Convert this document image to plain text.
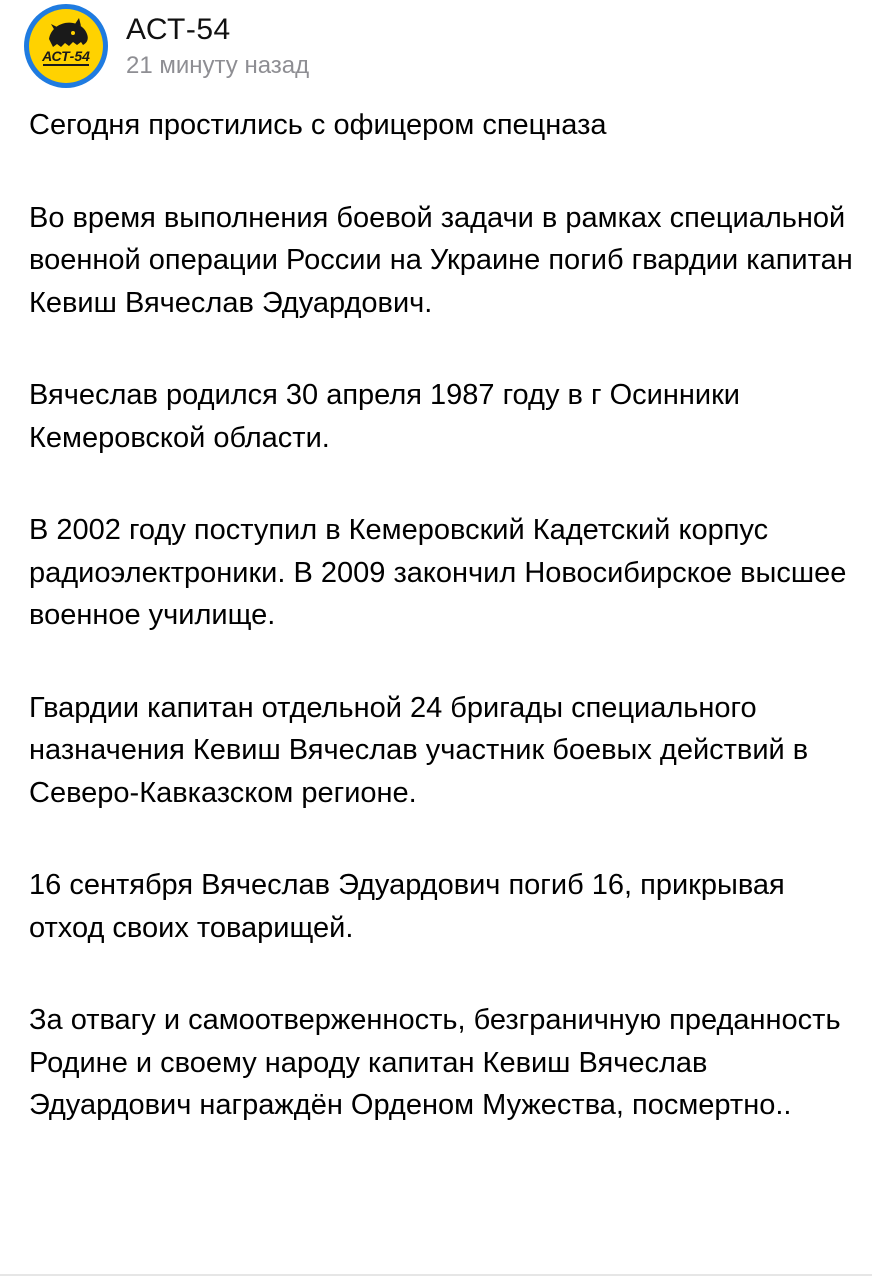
АСТ-54
АСТ-54
21 минуту назад

Сегодня простились с офицером спецназа

Во время выполнения боевой задачи в рамках специальной военной операции России на Украине погиб гвардии капитан Кевиш Вячеслав Эдуардович.

Вячеслав родился 30 апреля 1987 году в г Осинники Кемеровской области.

В 2002 году поступил в Кемеровский Кадетский корпус радиоэлектроники. В 2009 закончил Новосибирское высшее военное училище.

Гвардии капитан отдельной 24 бригады специального назначения Кевиш Вячеслав участник боевых действий в Северо-Кавказском регионе.

16 сентября Вячеслав Эдуардович погиб 16, прикрывая отход своих товарищей.

За отвагу и самоотверженность, безграничную преданность Родине и своему народу капитан Кевиш Вячеслав Эдуардович награждён Орденом Мужества, посмертно..
